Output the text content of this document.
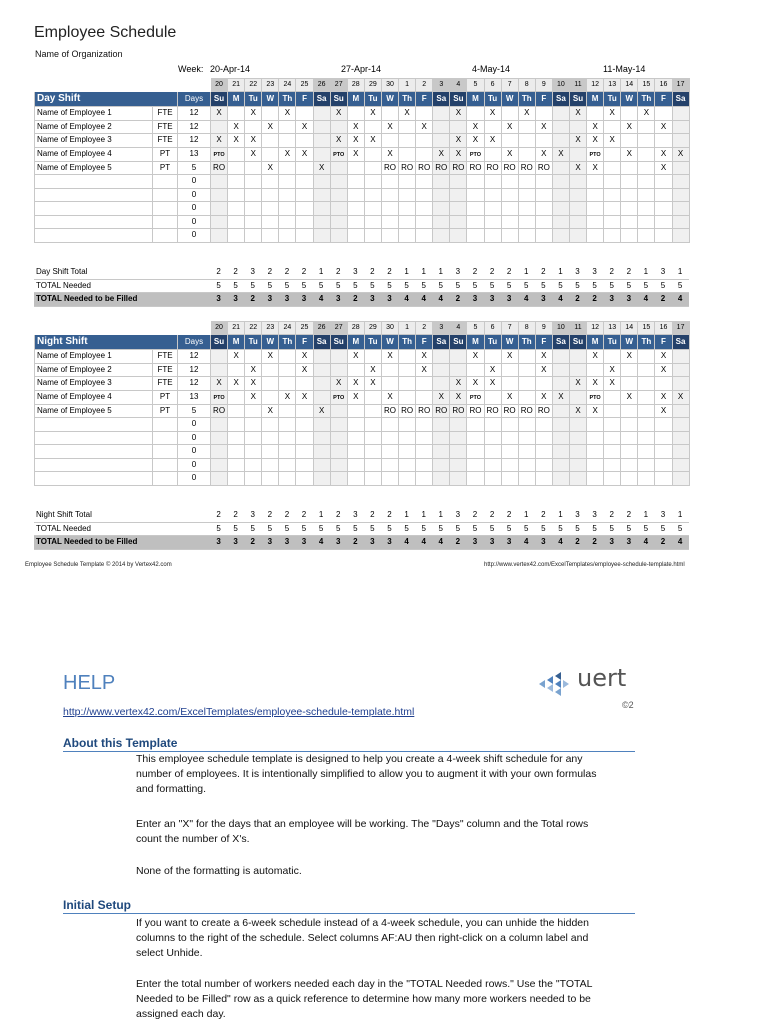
Employee Schedule
Name of Organization
Week: 20-Apr-14	27-Apr-14	4-May-14	11-May-14
			20	21	22	23	24	25	26	27	28	29	30	1	2	3	4	5	6	7	8	9	10	11	12	13	14	15	16	17
Day Shift		Days	Su	M	Tu	W	Th	F	Sa	Su	M	Tu	W	Th	F	Sa	Su	M	Tu	W	Th	F	Sa	Su	M	Tu	W	Th	F	Sa
Name of Employee 1	FTE	12	X		X		X			X		X		X			X		X		X			X		X		X		
Name of Employee 2	FTE	12		X		X		X			X		X		X			X		X		X			X		X		X	
Name of Employee 3	FTE	12	X	X	X					X	X	X					X	X	X					X	X	X				
Name of Employee 4	PT	13	PTO		X		X	X		PTO	X		X			X	X	PTO		X		X	X		PTO		X		X	X
Name of Employee 5	PT	5	RO			X			X				RO	RO	RO	RO	RO	RO	RO	RO	RO	RO		X	X				X	
		0																												
		0																												
		0																												
		0																												
		0																												
Day Shift Total	2	2	3	2	2	2	1	2	3	2	2	1	1	1	3	2	2	2	1	2	1	3	3	2	2	1	3	1
TOTAL Needed	5	5	5	5	5	5	5	5	5	5	5	5	5	5	5	5	5	5	5	5	5	5	5	5	5	5	5	5
TOTAL Needed to be Filled	3	3	2	3	3	3	4	3	2	3	3	4	4	4	2	3	3	3	4	3	4	2	2	3	3	4	2	4
			20	21	22	23	24	25	26	27	28	29	30	1	2	3	4	5	6	7	8	9	10	11	12	13	14	15	16	17
Night Shift		Days	Su	M	Tu	W	Th	F	Sa	Su	M	Tu	W	Th	F	Sa	Su	M	Tu	W	Th	F	Sa	Su	M	Tu	W	Th	F	Sa
Name of Employee 1	FTE	12		X		X		X			X		X		X			X		X		X			X		X		X	
Name of Employee 2	FTE	12			X			X				X			X				X			X				X			X	
Name of Employee 3	FTE	12	X	X	X					X	X	X					X	X	X					X	X	X				
Name of Employee 4	PT	13	PTO		X		X	X		PTO	X		X			X	X	PTO		X		X	X		PTO		X		X	X
Name of Employee 5	PT	5	RO			X			X				RO	RO	RO	RO	RO	RO	RO	RO	RO	RO		X	X				X	
		0																												
		0																												
		0																												
		0																												
		0																												
Night Shift Total	2	2	3	2	2	2	1	2	3	2	2	1	1	1	3	2	2	2	1	2	1	3	3	2	2	1	3	1
TOTAL Needed	5	5	5	5	5	5	5	5	5	5	5	5	5	5	5	5	5	5	5	5	5	5	5	5	5	5	5	5
TOTAL Needed to be Filled	3	3	2	3	3	3	4	3	2	3	3	4	4	4	2	3	3	3	4	3	4	2	2	3	3	4	2	4
Employee Schedule Template © 2014 by Vertex42.com	http://www.vertex42.com/ExcelTemplates/employee-schedule-template.html
HELP
http://www.vertex42.com/ExcelTemplates/employee-schedule-template.html
uert
©2
About this Template
This employee schedule template is designed to help you create a 4-week shift schedule for any number of employees. It is intentionally simplified to allow you to augment it with your own formulas and formatting.
Enter an "X" for the days that an employee will be working. The "Days" column and the Total rows count the number of X's.
None of the formatting is automatic.
Initial Setup
If you want to create a 6-week schedule instead of a 4-week schedule, you can unhide the hidden columns to the right of the schedule. Select columns AF:AU then right-click on a column label and select Unhide.
Enter the total number of workers needed each day in the "TOTAL Needed rows." Use the "TOTAL Needed to be Filled" row as a quick reference to determine how many more workers needed to be assigned each day.
